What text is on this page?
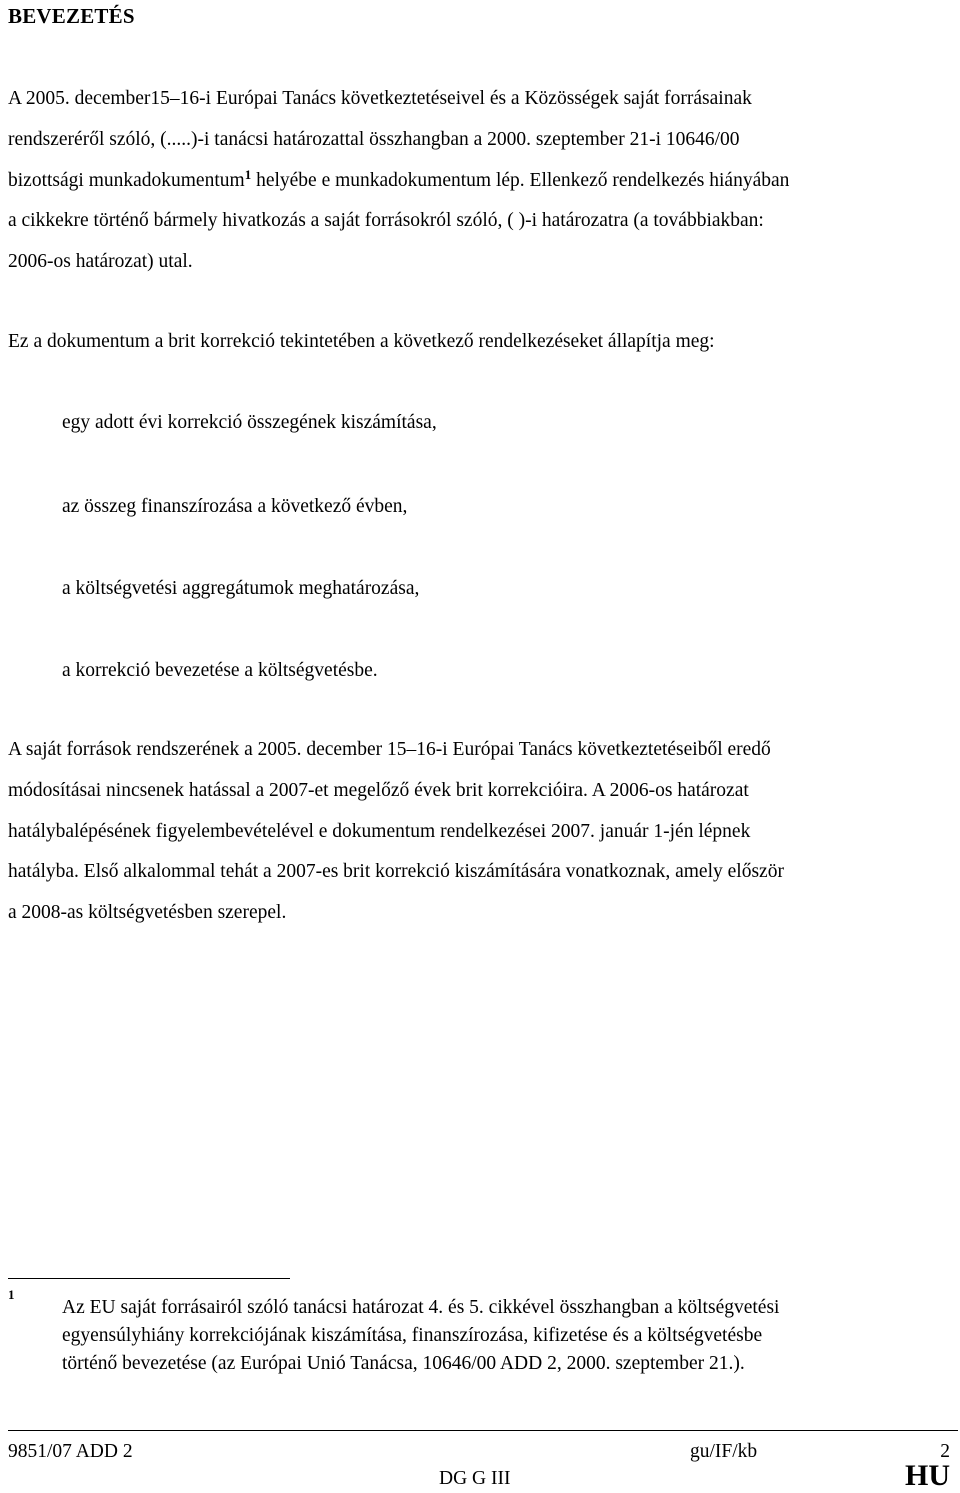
BEVEZETÉS
A 2005. december15–16-i Európai Tanács következtetéseivel és a Közösségek saját forrásainak
rendszeréről szóló, (.....)-i tanácsi határozattal összhangban a 2000. szeptember 21-i 10646/00
bizottsági munkadokumentum$^1$ helyébe e munkadokumentum lép. Ellenkező rendelkezés hiányában
a cikkekre történő bármely hivatkozás a saját forrásokról szóló, ( )-i határozatra (a továbbiakban:
2006-os határozat) utal.
Ez a dokumentum a brit korrekció tekintetében a következő rendelkezéseket állapítja meg:
egy adott évi korrekció összegének kiszámítása,
az összeg finanszírozása a következő évben,
a költségvetési aggregátumok meghatározása,
a korrekció bevezetése a költségvetésbe.
A saját források rendszerének a 2005. december 15–16-i Európai Tanács következtetéseiből eredő
módosításai nincsenek hatással a 2007-et megelőző évek brit korrekcióira. A 2006-os határozat
hatálybalépésének figyelembevételével e dokumentum rendelkezései 2007. január 1-jén lépnek
hatályba. Első alkalommal tehát a 2007-es brit korrekció kiszámítására vonatkoznak, amely először
a 2008-as költségvetésben szerepel.
1
Az EU saját forrásairól szóló tanácsi határozat 4. és 5. cikkével összhangban a költségvetési
egyensúlyhiány korrekciójának kiszámítása, finanszírozása, kifizetése és a költségvetésbe
történő bevezetése (az Európai Unió Tanácsa, 10646/00 ADD 2, 2000. szeptember 21.).
9851/07 ADD 2	gu/IF/kb	2
DG G III	HU
